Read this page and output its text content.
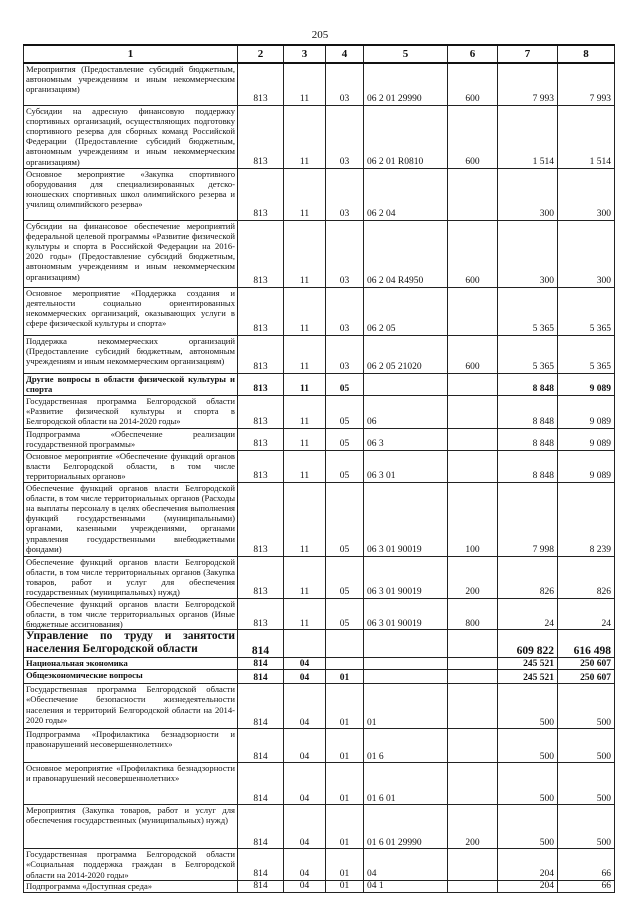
205
1	2	3	4	5	6	7	8
Мероприятия (Предоставление субсидий бюджетным, автономным учреждениям и иным некоммерческим организациям)	813	11	03	06 2 01 29990	600	7 993	7 993
Субсидии на адресную финансовую поддержку спортивных организаций, осуществляющих подготовку спортивного резерва для сборных команд Российской Федерации (Предоставление субсидий бюджетным, автономным учреждениям и иным некоммерческим организациям)	813	11	03	06 2 01 R0810	600	1 514	1 514
Основное мероприятие «Закупка спортивного оборудования для специализированных детско-юношеских спортивных школ олимпийского резерва и училищ олимпийского резерва»	813	11	03	06 2 04		300	300
Субсидии на финансовое обеспечение мероприятий федеральной целевой программы «Развитие физической культуры и спорта в Российской Федерации на 2016-2020 годы» (Предоставление субсидий бюджетным, автономным учреждениям и иным некоммерческим организациям)	813	11	03	06 2 04 R4950	600	300	300
Основное мероприятие «Поддержка создания и деятельности социально ориентированных некоммерческих организаций, оказывающих услуги в сфере физической культуры и спорта»	813	11	03	06 2 05		5 365	5 365
Поддержка некоммерческих организаций (Предоставление субсидий бюджетным, автономным учреждениям и иным некоммерческим организациям)	813	11	03	06 2 05 21020	600	5 365	5 365
Другие вопросы в области физической культуры и спорта	813	11	05			8 848	9 089
Государственная программа Белгородской области «Развитие физической культуры и спорта в Белгородской области на 2014-2020 годы»	813	11	05	06		8 848	9 089
Подпрограмма «Обеспечение реализации государственной программы»	813	11	05	06 3		8 848	9 089
Основное мероприятие «Обеспечение функций органов власти Белгородской области, в том числе территориальных органов»	813	11	05	06 3 01		8 848	9 089
Обеспечение функций органов власти Белгородской области, в том числе территориальных органов (Расходы на выплаты персоналу в целях обеспечения выполнения функций государственными (муниципальными) органами, казенными учреждениями, органами управления государственными внебюджетными фондами)	813	11	05	06 3 01 90019	100	7 998	8 239
Обеспечение функций органов власти Белгородской области, в том числе территориальных органов (Закупка товаров, работ и услуг для обеспечения государственных (муниципальных) нужд)	813	11	05	06 3 01 90019	200	826	826
Обеспечение функций органов власти Белгородской области, в том числе территориальных органов (Иные бюджетные ассигнования)	813	11	05	06 3 01 90019	800	24	24
Управление по труду и занятости населения Белгородской области	814					609 822	616 498
Национальная экономика	814	04				245 521	250 607
Общеэкономические вопросы	814	04	01			245 521	250 607
Государственная программа Белгородской области «Обеспечение безопасности жизнедеятельности населения и территорий Белгородской области на 2014-2020 годы»	814	04	01	01		500	500
Подпрограмма «Профилактика безнадзорности и правонарушений несовершеннолетних»	814	04	01	01 6		500	500
Основное мероприятие «Профилактика безнадзорности и правонарушений несовершеннолетних»	814	04	01	01 6 01		500	500
Мероприятия (Закупка товаров, работ и услуг для обеспечения государственных (муниципальных) нужд)	814	04	01	01 6 01 29990	200	500	500
Государственная программа Белгородской области «Социальная поддержка граждан в Белгородской области на 2014-2020 годы»	814	04	01	04		204	66
Подпрограмма «Доступная среда»	814	04	01	04 1		204	66
